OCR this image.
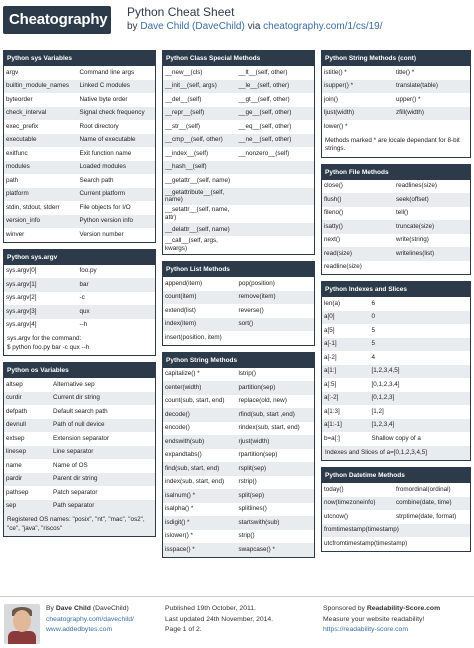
Cheatography Python Cheat Sheet
by Dave Child (DaveChild) via cheatography.com/1/cs/19/
Python sys Variables
argv	Command line args
builtin_module_names	Linked C modules
byteorder	Native byte order
check_interval	Signal check frequency
exec_prefix	Root directory
executable	Name of executable
exitfunc	Exit function name
modules	Loaded modules
path	Search path
platform	Current platform
stdin, stdout, stderr	File objects for I/O
version_info	Python version info
winver	Version number
Python sys.argv
sys.argv[0]	foo.py
sys.argv[1]	bar
sys.argv[2]	-c
sys.argv[3]	qux
sys.argv[4]	--h
sys.argv for the command:
$ python foo.py bar -c qux --h
Python os Variables
altsep	Alternative sep
curdir	Current dir string
defpath	Default search path
devnull	Path of null device
extsep	Extension separator
linesep	Line separator
name	Name of OS
pardir	Parent dir string
pathsep	Patch separator
sep	Path separator
Registered OS names: "posix", "nt", "mac", "os2", "ce", "java", "riscos"
Python Class Special Methods
__new__(cls)	__lt__(self, other)
__init__(self, args)	__le__(self, other)
__del__(self)	__gt__(self, other)
__repr__(self)	__ge__(self, other)
__str__(self)	__eq__(self, other)
__cmp__(self, other)	__ne__(self, other)
__index__(self)	__nonzero__(self)
__hash__(self)
__getattr__(self, name)
__getattribute__(self, name)
__setattr__(self, name, attr)
__delattr__(self, name)
__call__(self, args, kwargs)
Python List Methods
append(item)	pop(position)
count(item)	remove(item)
extend(list)	reverse()
index(item)	sort()
insert(position, item)
Python String Methods
capitalize() *	lstrip()
center(width)	partition(sep)
count(sub, start, end)	replace(old, new)
decode()	rfind(sub, start ,end)
encode()	rindex(sub, start, end)
endswith(sub)	rjust(width)
expandtabs()	rpartition(sep)
find(sub, start, end)	rsplit(sep)
index(sub, start, end)	rstrip()
isalnum() *	split(sep)
isalpha() *	splitlines()
isdigit() *	startswith(sub)
islower() *	strip()
isspace() *	swapcase() *
Python String Methods (cont)
istitle() *	title() *
isupper() *	translate(table)
join()	upper() *
ljust(width)	zfill(width)
lower() *
Methods marked * are locale dependant for 8-bit strings.
Python File Methods
close()	readlines(size)
flush()	seek(offset)
fileno()	tell()
isatty()	truncate(size)
next()	write(string)
read(size)	writelines(list)
readline(size)
Python Indexes and Slices
len(a)	6
a[0]	0
a[5]	5
a[-1]	5
a[-2]	4
a[1:]	[1,2,3,4,5]
a[:5]	[0,1,2,3,4]
a[:-2]	[0,1,2,3]
a[1:3]	[1,2]
a[1:-1]	[1,2,3,4]
b=a[:]	Shallow copy of a
Indexes and Slices of a=[0,1,2,3,4,5]
Python Datetime Methods
today()	fromordinal(ordinal)
now(timezoneinfo)	combine(date, time)
utcnow()	strptime(date, format)
fromtimestamp(timestamp)
utcfromtimestamp(timestamp)
By Dave Child (DaveChild)
cheatography.com/davechild/
www.addedbytes.com
Published 19th October, 2011.
Last updated 24th November, 2014.
Page 1 of 2.
Sponsored by Readability-Score.com
Measure your website readability!
https://readability-score.com
